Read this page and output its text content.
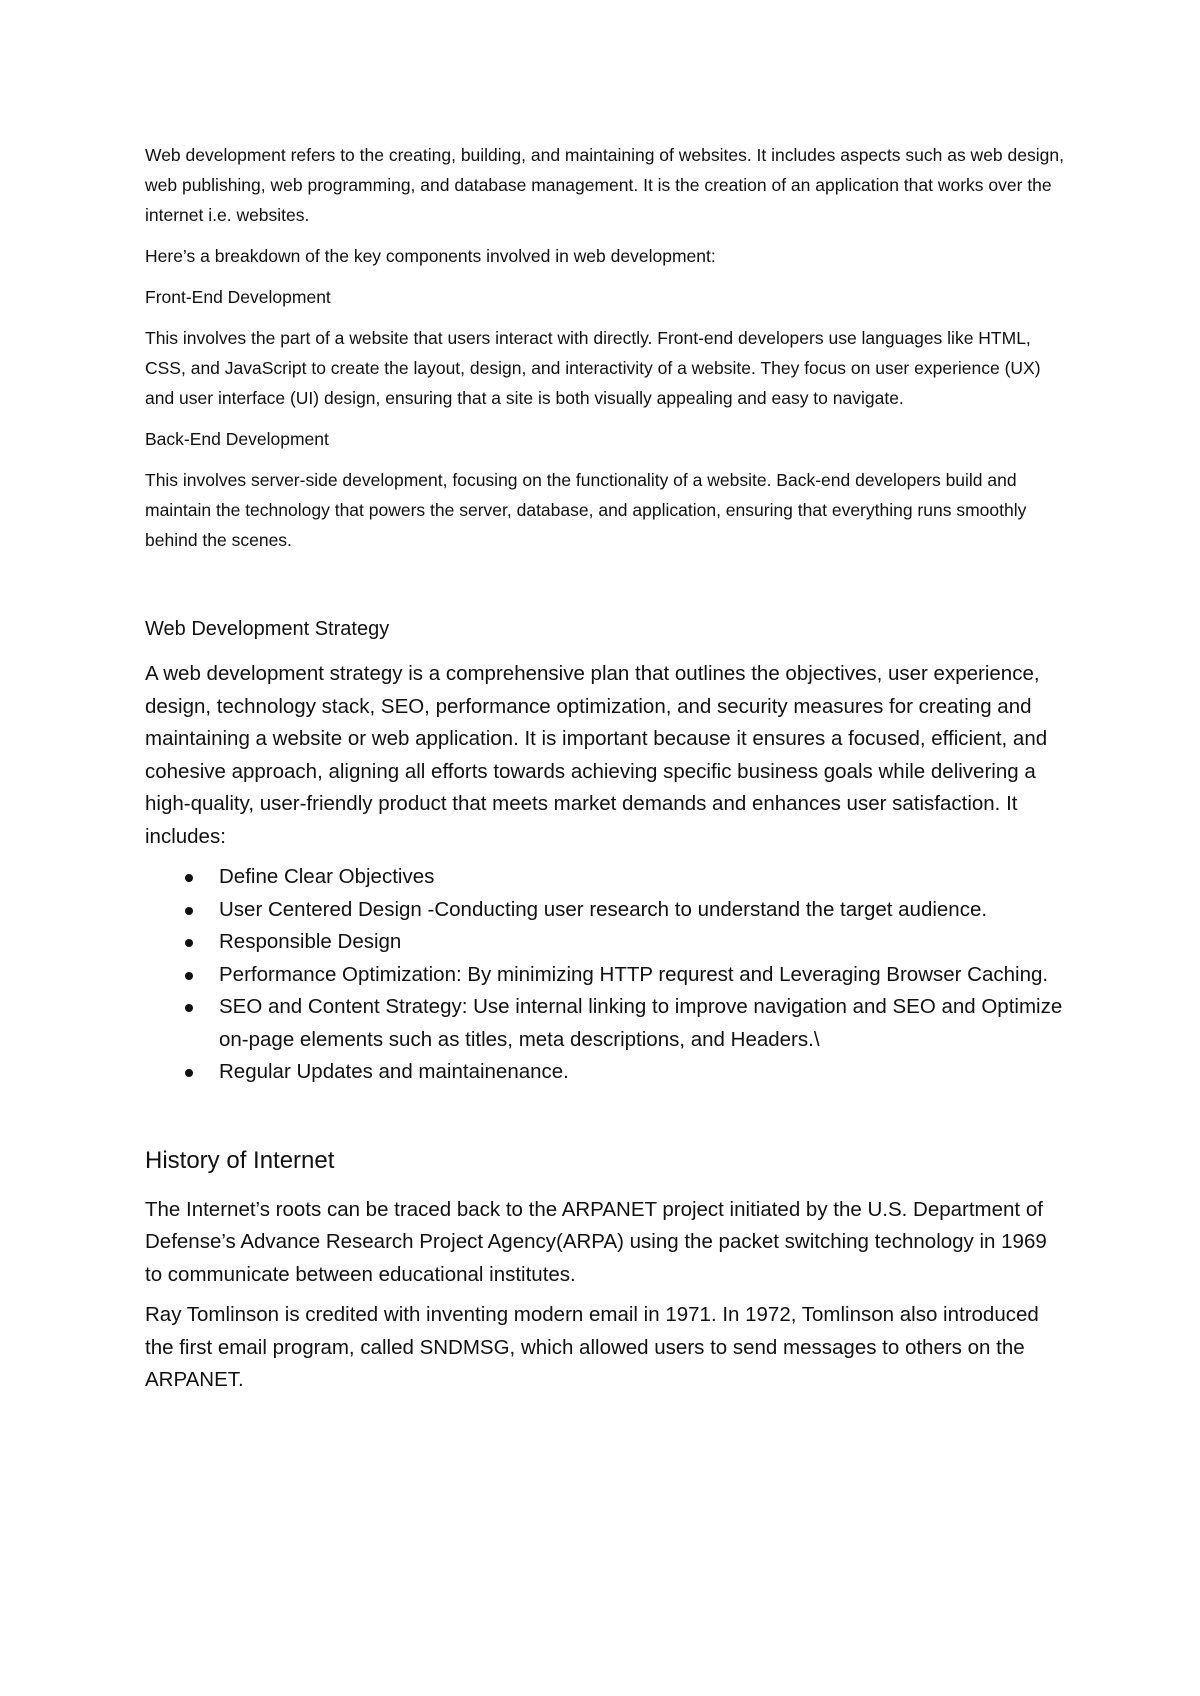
Web development refers to the creating, building, and maintaining of websites. It includes aspects such as web design, web publishing, web programming, and database management. It is the creation of an application that works over the internet i.e. websites.

Here’s a breakdown of the key components involved in web development:

Front-End Development

This involves the part of a website that users interact with directly. Front-end developers use languages like HTML, CSS, and JavaScript to create the layout, design, and interactivity of a website. They focus on user experience (UX) and user interface (UI) design, ensuring that a site is both visually appealing and easy to navigate.

Back-End Development

This involves server-side development, focusing on the functionality of a website. Back-end developers build and maintain the technology that powers the server, database, and application, ensuring that everything runs smoothly behind the scenes.

Web Development Strategy

A web development strategy is a comprehensive plan that outlines the objectives, user experience, design, technology stack, SEO, performance optimization, and security measures for creating and maintaining a website or web application. It is important because it ensures a focused, efficient, and cohesive approach, aligning all efforts towards achieving specific business goals while delivering a high-quality, user-friendly product that meets market demands and enhances user satisfaction. It includes:

Define Clear Objectives
User Centered Design -Conducting user research to understand the target audience.
Responsible Design
Performance Optimization: By minimizing HTTP requrest and Leveraging Browser Caching.
SEO and Content Strategy: Use internal linking to improve navigation and SEO and Optimize on-page elements such as titles, meta descriptions, and Headers.\
Regular Updates and maintainenance.

History of Internet

The Internet’s roots can be traced back to the ARPANET project initiated by the U.S. Department of Defense’s Advance Research Project Agency(ARPA) using the packet switching technology in 1969 to communicate between educational institutes.

Ray Tomlinson is credited with inventing modern email in 1971. In 1972, Tomlinson also introduced the first email program, called SNDMSG, which allowed users to send messages to others on the ARPANET.
